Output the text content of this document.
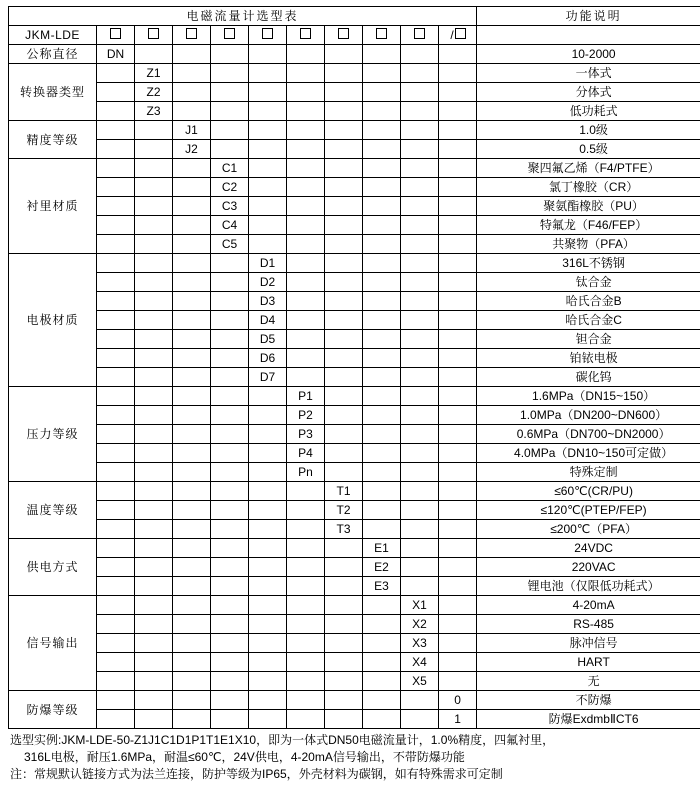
电磁流量计选型表											功能说明
JKM-LDE										/	
公称直径	DN										10-2000
转换器类型		Z1									一体式
		Z2									分体式
		Z3									低功耗式
精度等级			J1								1.0级
			J2								0.5级
衬里材质				C1							聚四氟乙烯（F4/PTFE）
				C2							氯丁橡胶（CR）
				C3							聚氨酯橡胶（PU）
				C4							特氟龙（F46/FEP）
				C5							共聚物（PFA）
电极材质					D1						316L不锈钢
					D2						钛合金
					D3						哈氏合金B
					D4						哈氏合金C
					D5						钽合金
					D6						铂铱电极
					D7						碳化钨
压力等级						P1					1.6MPa（DN15~150）
						P2					1.0MPa（DN200~DN600）
						P3					0.6MPa（DN700~DN2000）
						P4					4.0MPa（DN10~150可定做）
						Pn					特殊定制
温度等级							T1				≤60℃(CR/PU)
							T2				≤120℃(PTEP/FEP)
							T3				≤200℃（PFA）
供电方式								E1			24VDC
								E2			220VAC
								E3			锂电池（仅限低功耗式）
信号输出									X1		4-20mA
									X2		RS-485
									X3		脉冲信号
									X4		HART
									X5		无
防爆等级										0	不防爆
										1	防爆ExdmbⅡCT6
选型实例:JKM-LDE-50-Z1J1C1D1P1T1E1X10，即为一体式DN50电磁流量计，1.0%精度，四氟衬里，
316L电极，耐压1.6MPa，耐温≤60℃，24V供电，4-20mA信号输出，不带防爆功能
注：常规默认链接方式为法兰连接，防护等级为IP65，外壳材料为碳钢，如有特殊需求可定制
